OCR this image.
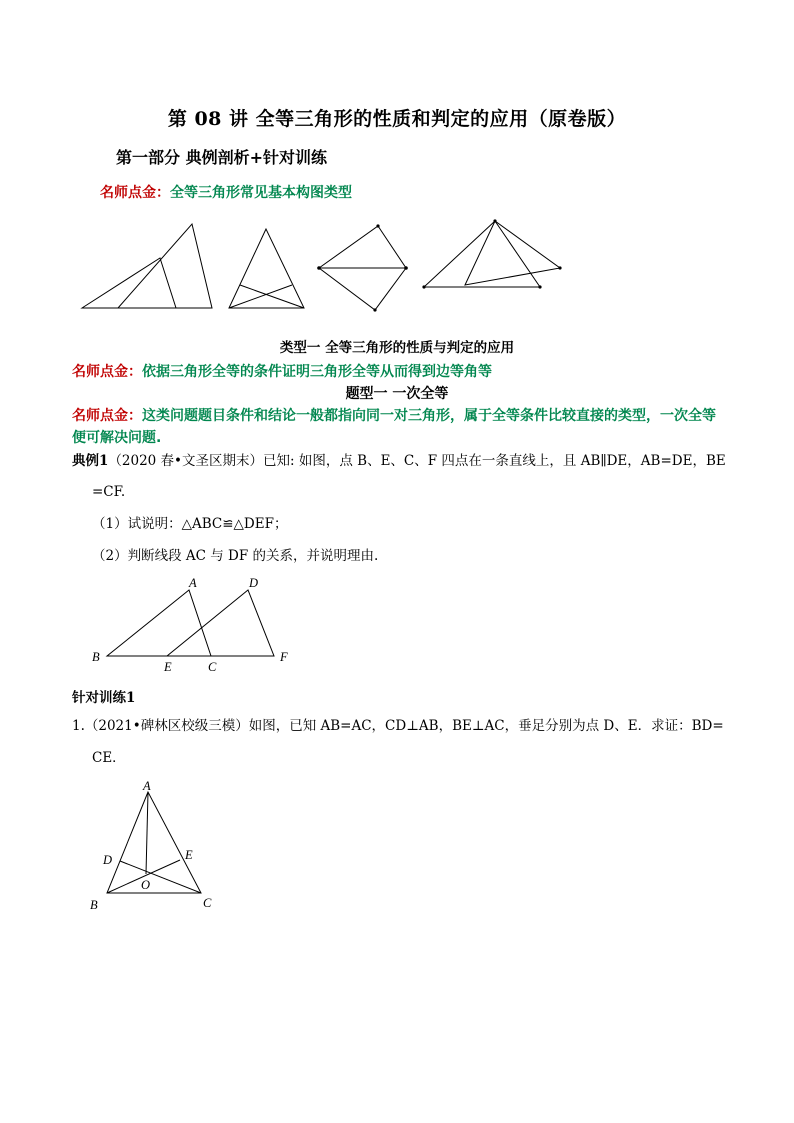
第 08 讲 全等三角形的性质和判定的应用（原卷版）
第一部分 典例剖析+针对训练
名师点金：全等三角形常见基本构图类型
类型一 全等三角形的性质与判定的应用
名师点金：依据三角形全等的条件证明三角形全等从而得到边等角等
题型一 一次全等
名师点金：这类问题题目条件和结论一般都指向同一对三角形，属于全等条件比较直接的类型，一次全等
便可解决问题.
典例1（2020 春•文圣区期末）已知: 如图，点 B、E、C、F 四点在一条直线上，且 AB∥DE，AB=DE，BE
=CF.
（1）试说明：△ABC≌△DEF；
（2）判断线段 AC 与 DF 的关系，并说明理由.
A
B
C
D
E
F
针对训练1
1.（2021•碑林区校级三模）如图，已知 AB=AC，CD⊥AB，BE⊥AC，垂足分别为点 D、E．求证：BD=
CE．
A
B	C
D	E
O
